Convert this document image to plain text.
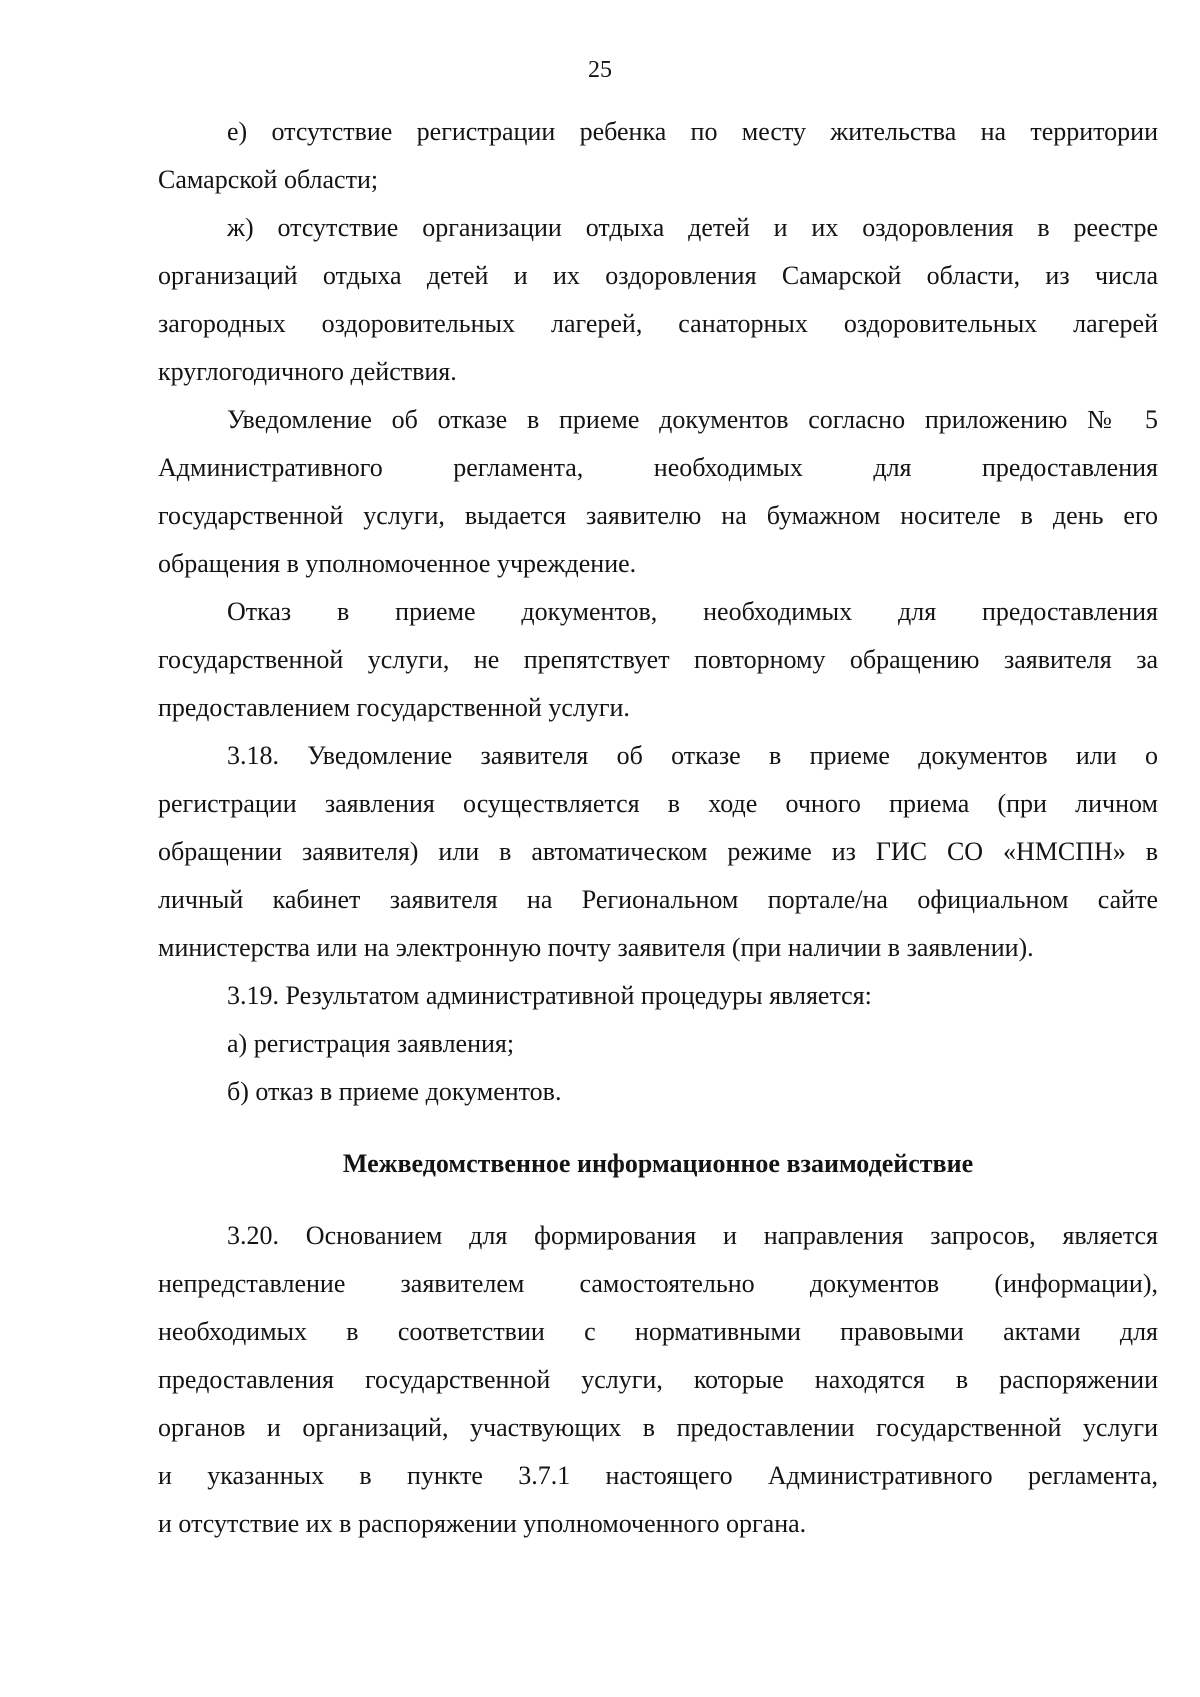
25

е) отсутствие регистрации ребенка по месту жительства на территории
Самарской области;

ж) отсутствие организации отдыха детей и их оздоровления в реестре
организаций отдыха детей и их оздоровления Самарской области, из числа
загородных оздоровительных лагерей, санаторных оздоровительных лагерей
круглогодичного действия.

Уведомление об отказе в приеме документов согласно приложению № 5
Административного регламента, необходимых для предоставления
государственной услуги, выдается заявителю на бумажном носителе в день его
обращения в уполномоченное учреждение.

Отказ в приеме документов, необходимых для предоставления
государственной услуги, не препятствует повторному обращению заявителя за
предоставлением государственной услуги.

3.18. Уведомление заявителя об отказе в приеме документов или о
регистрации заявления осуществляется в ходе очного приема (при личном
обращении заявителя) или в автоматическом режиме из ГИС СО «НМСПН» в
личный кабинет заявителя на Региональном портале/на официальном сайте
министерства или на электронную почту заявителя (при наличии в заявлении).

3.19. Результатом административной процедуры является:

а) регистрация заявления;

б) отказ в приеме документов.

Межведомственное информационное взаимодействие

3.20. Основанием для формирования и направления запросов, является
непредставление заявителем самостоятельно документов (информации),
необходимых в соответствии с нормативными правовыми актами для
предоставления государственной услуги, которые находятся в распоряжении
органов и организаций, участвующих в предоставлении государственной услуги
и указанных в пункте 3.7.1 настоящего Административного регламента,
и отсутствие их в распоряжении уполномоченного органа.
